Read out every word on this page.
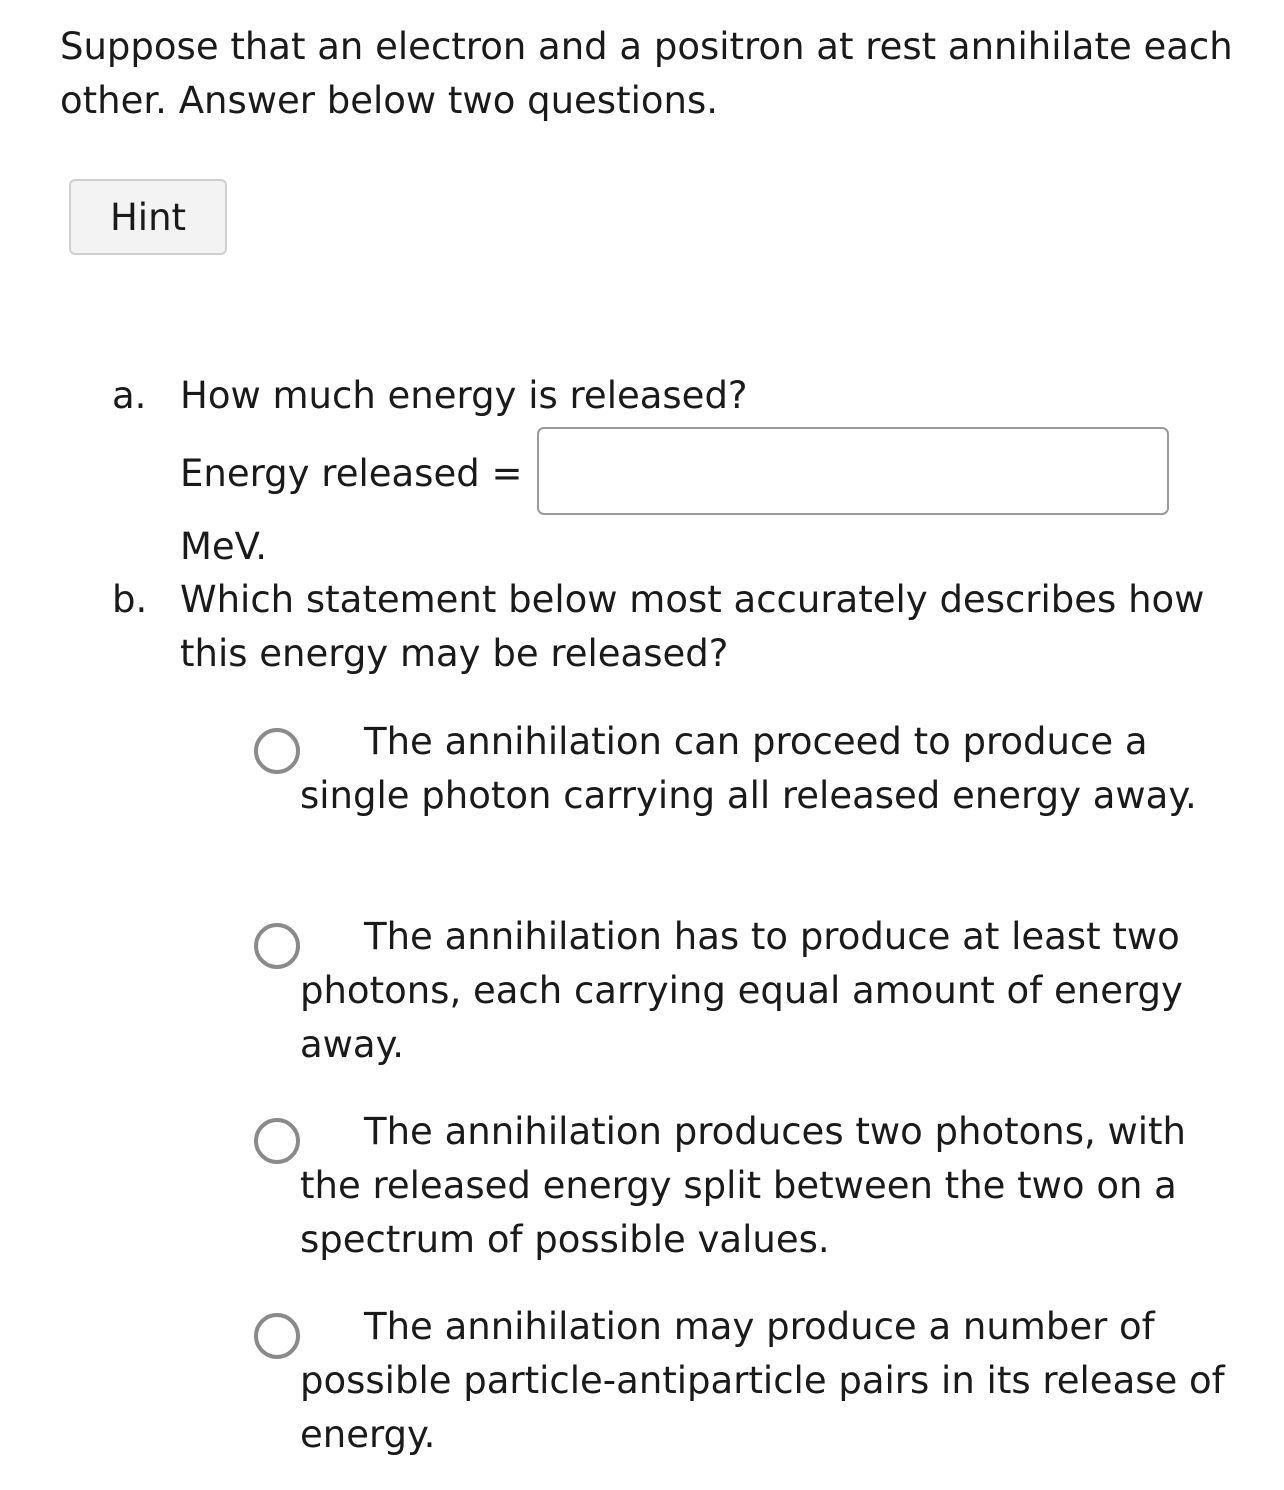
Suppose that an electron and a positron at rest annihilate each other. Answer below two questions.
Hint
a. How much energy is released?
Energy released =
MeV.
b. Which statement below most accurately describes how this energy may be released?
The annihilation can proceed to produce a single photon carrying all released energy away.
The annihilation has to produce at least two photons, each carrying equal amount of energy away.
The annihilation produces two photons, with the released energy split between the two on a spectrum of possible values.
The annihilation may produce a number of possible particle-antiparticle pairs in its release of energy.
